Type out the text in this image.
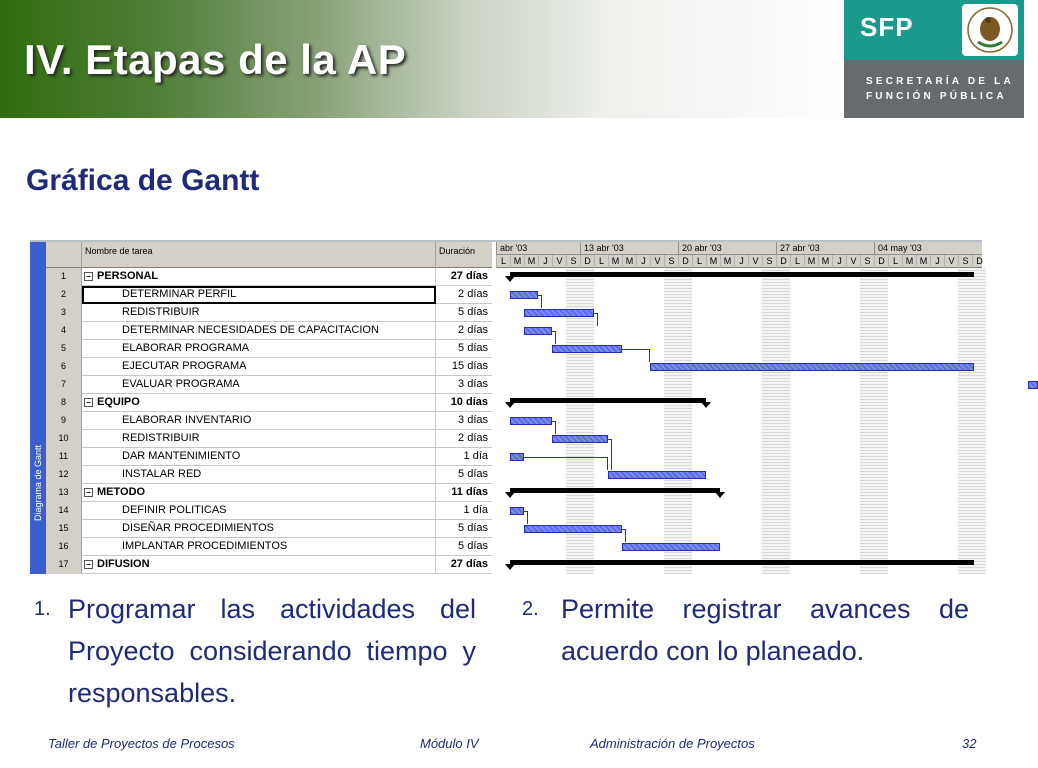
IV. Etapas de la AP
SFP
SECRETARÍA DE LA
FUNCIÓN PÚBLICA
Gráfica de Gantt
Diagrama de Gantt
Nombre de tarea	Duración
1	− PERSONAL	27 días
2	DETERMINAR PERFIL	2 días
3	REDISTRIBUIR	5 días
4	DETERMINAR NECESIDADES DE CAPACITACION	2 días
5	ELABORAR PROGRAMA	5 días
6	EJECUTAR PROGRAMA	15 días
7	EVALUAR PROGRAMA	3 días
8	− EQUIPO	10 días
9	ELABORAR INVENTARIO	3 días
10	REDISTRIBUIR	2 días
11	DAR MANTENIMIENTO	1 día
12	INSTALAR RED	5 días
13	− METODO	11 días
14	DEFINIR POLITICAS	1 día
15	DISEÑAR PROCEDIMIENTOS	5 días
16	IMPLANTAR PROCEDIMIENTOS	5 días
17	− DIFUSION	27 días
abr '03	13 abr '03	20 abr '03	27 abr '03	04 may '03
L M M J V S D L M M J V S D L M M J V S D L M M J V S D L M M J V S D
1. Programar las actividades del Proyecto considerando tiempo y responsables.
2. Permite registrar avances de acuerdo con lo planeado.
Taller de Proyectos de Procesos	Módulo IV	Administración de Proyectos	32
